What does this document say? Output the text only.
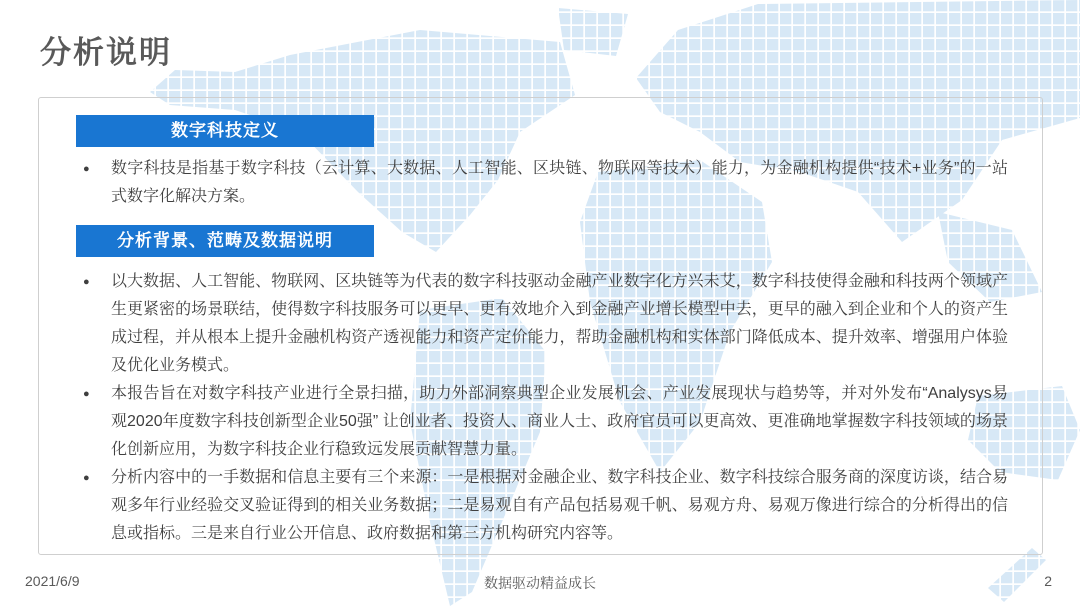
分析说明
数字科技定义
● 数字科技是指基于数字科技（云计算、大数据、人工智能、区块链、物联网等技术）能力，为金融机构提供“技术+业务”的一站式数字化解决方案。
分析背景、范畴及数据说明
● 以大数据、人工智能、物联网、区块链等为代表的数字科技驱动金融产业数字化方兴未艾，数字科技使得金融和科技两个领域产生更紧密的场景联结，使得数字科技服务可以更早、更有效地介入到金融产业增长模型中去，更早的融入到企业和个人的资产生成过程，并从根本上提升金融机构资产透视能力和资产定价能力，帮助金融机构和实体部门降低成本、提升效率、增强用户体验及优化业务模式。
● 本报告旨在对数字科技产业进行全景扫描，助力外部洞察典型企业发展机会、产业发展现状与趋势等，并对外发布“Analysys易观2020年度数字科技创新型企业50强” 让创业者、投资人、商业人士、政府官员可以更高效、更准确地掌握数字科技领域的场景化创新应用，为数字科技企业行稳致远发展贡献智慧力量。
● 分析内容中的一手数据和信息主要有三个来源：一是根据对金融企业、数字科技企业、数字科技综合服务商的深度访谈，结合易观多年行业经验交叉验证得到的相关业务数据；二是易观自有产品包括易观千帆、易观方舟、易观万像进行综合的分析得出的信息或指标。三是来自行业公开信息、政府数据和第三方机构研究内容等。
2021/6/9	数据驱动精益成长	2
